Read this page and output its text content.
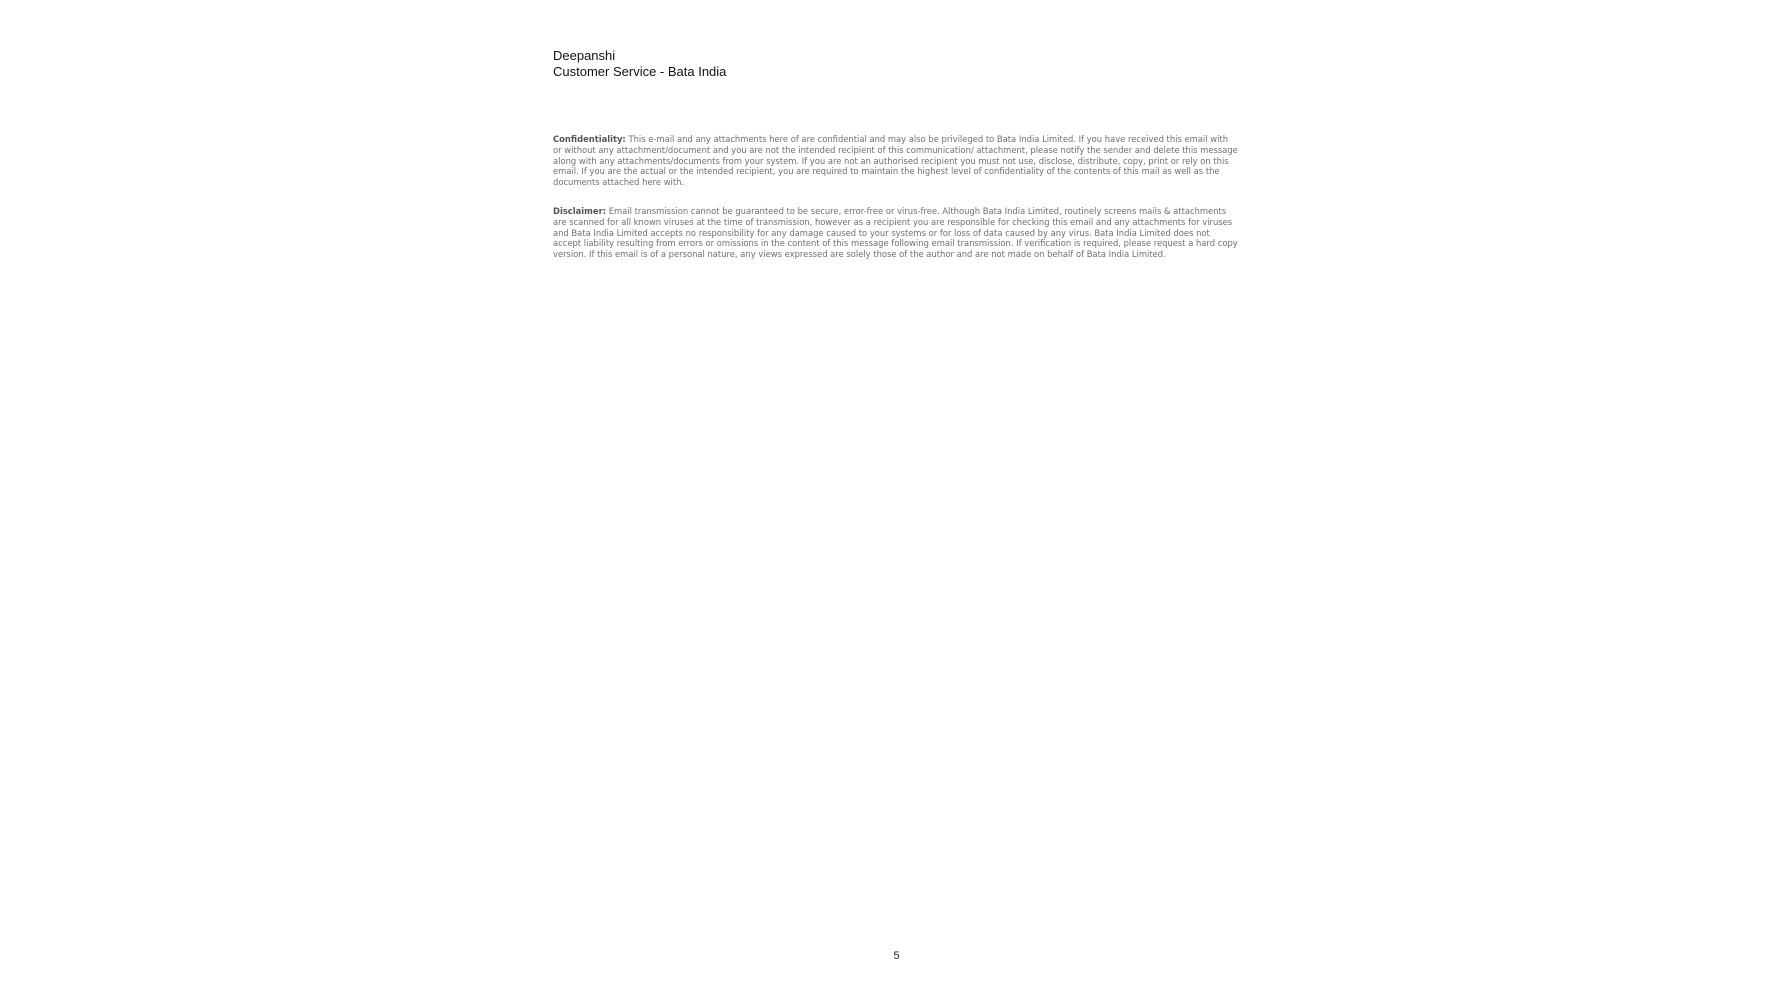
Deepanshi
Customer Service - Bata India
Confidentiality: This e-mail and any attachments here of are confidential and may also be privileged to Bata India Limited. If you have received this email with or without any attachment/document and you are not the intended recipient of this communication/ attachment, please notify the sender and delete this message along with any attachments/documents from your system. If you are not an authorised recipient you must not use, disclose, distribute, copy, print or rely on this email. If you are the actual or the intended recipient, you are required to maintain the highest level of confidentiality of the contents of this mail as well as the documents attached here with.
Disclaimer: Email transmission cannot be guaranteed to be secure, error-free or virus-free. Although Bata India Limited, routinely screens mails & attachments are scanned for all known viruses at the time of transmission, however as a recipient you are responsible for checking this email and any attachments for viruses and Bata India Limited accepts no responsibility for any damage caused to your systems or for loss of data caused by any virus. Bata India Limited does not accept liability resulting from errors or omissions in the content of this message following email transmission. If verification is required, please request a hard copy version. If this email is of a personal nature, any views expressed are solely those of the author and are not made on behalf of Bata India Limited.
5
